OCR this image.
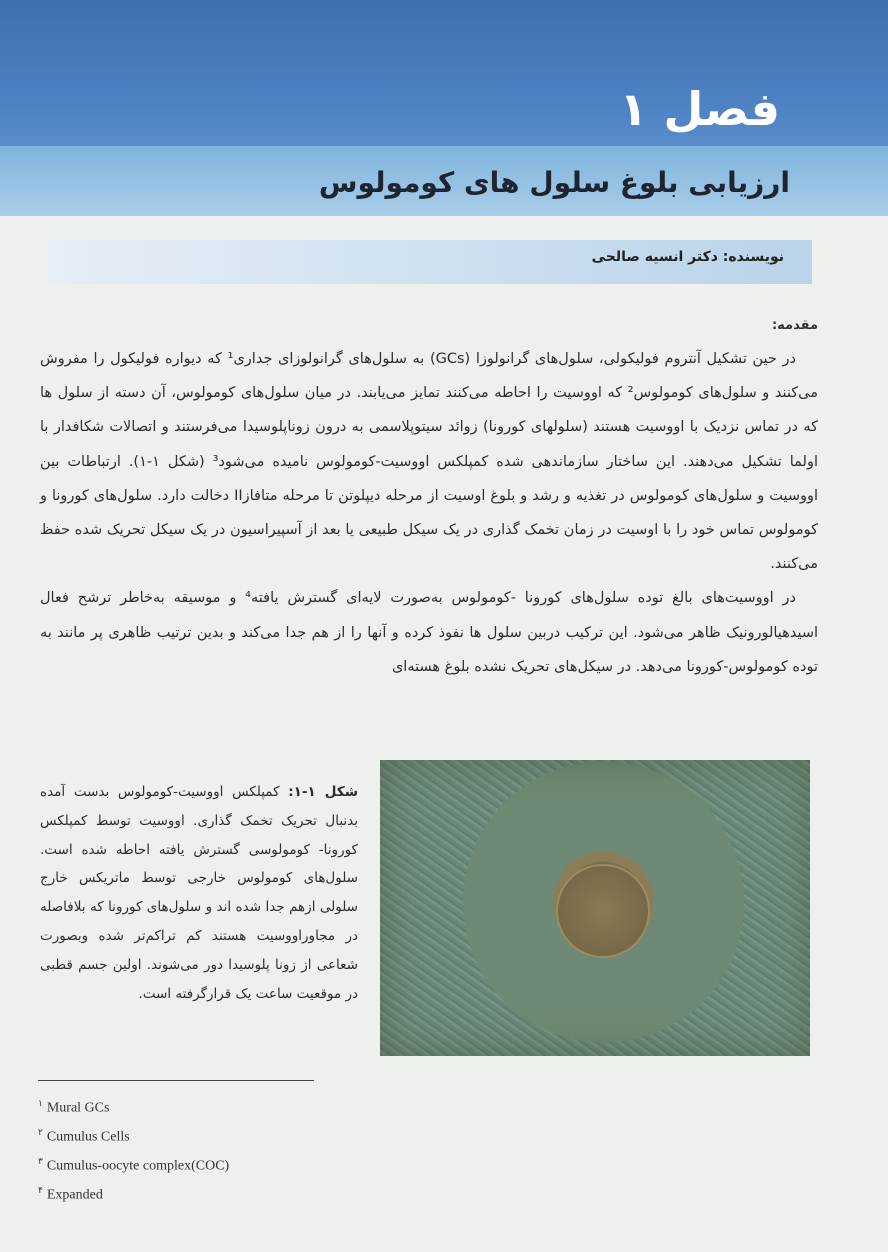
فصل ۱
ارزیابی بلوغ سلول های کومولوس
نویسنده: دکتر انسیه صالحی
مقدمه:

در حین تشکیل آنتروم فولیکولی، سلول‌های گرانولوزا (GCs) به سلول‌های گرانولوزای جداری¹ که دیواره فولیکول را مفروش می‌کنند و سلول‌های کومولوس² که اووسیت را احاطه می‌کنند تمایز می‌یابند. در میان سلول‌های کومولوس، آن دسته از سلول ها که در تماس نزدیک با اووسیت هستند (سلولهای کورونا) زوائد سیتوپلاسمی به درون زوناپلوسیدا می‌فرستند و اتصالات شکافدار با اولما تشکیل می‌دهند. این ساختار سازماندهی شده کمپلکس اووسیت-کومولوس نامیده می‌شود³ (شکل ۱-۱). ارتباطات بین اووسیت و سلول‌های کومولوس در تغذیه و رشد و بلوغ اوسیت از مرحله دیپلوتن تا مرحله متافازII دخالت دارد. سلول‌های کورونا و کومولوس تماس خود را با اوسیت در زمان تخمک گذاری در یک سیکل طبیعی یا بعد از آسپیراسیون در یک سیکل تحریک شده حفظ می‌کنند.

در اووسیت‌های بالغ توده سلول‌های کورونا -کومولوس به‌صورت لایه‌ای گسترش یافته⁴ و موسیقه به‌خاطر ترشح فعال اسیدهیالورونیک ظاهر می‌شود. این ترکیب دربین سلول ها نفوذ کرده و آنها را از هم جدا می‌کند و بدین ترتیب ظاهری پر مانند به توده کومولوس-کورونا می‌دهد. در سیکل‌های تحریک نشده بلوغ هسته‌ای

شکل ۱-۱: کمپلکس اووسیت-کومولوس بدست آمده بدنبال تحریک تخمک گذاری. اووسیت توسط کمپلکس کورونا- کومولوسی گسترش یافته احاطه شده است. سلول‌های کومولوس خارجی توسط ماتریکس خارج سلولی ازهم جدا شده اند و سلول‌های کورونا که بلافاصله در مجاوراووسیت هستند کم تراکم‌تر شده وبصورت شعاعی از زونا پلوسیدا دور می‌شوند. اولین جسم قطبی در موقعیت ساعت یک قرارگرفته است.
$^۱$ Mural GCs
$^۲$ Cumulus Cells
$^۳$ Cumulus-oocyte complex(COC)
$^۴$ Expanded
